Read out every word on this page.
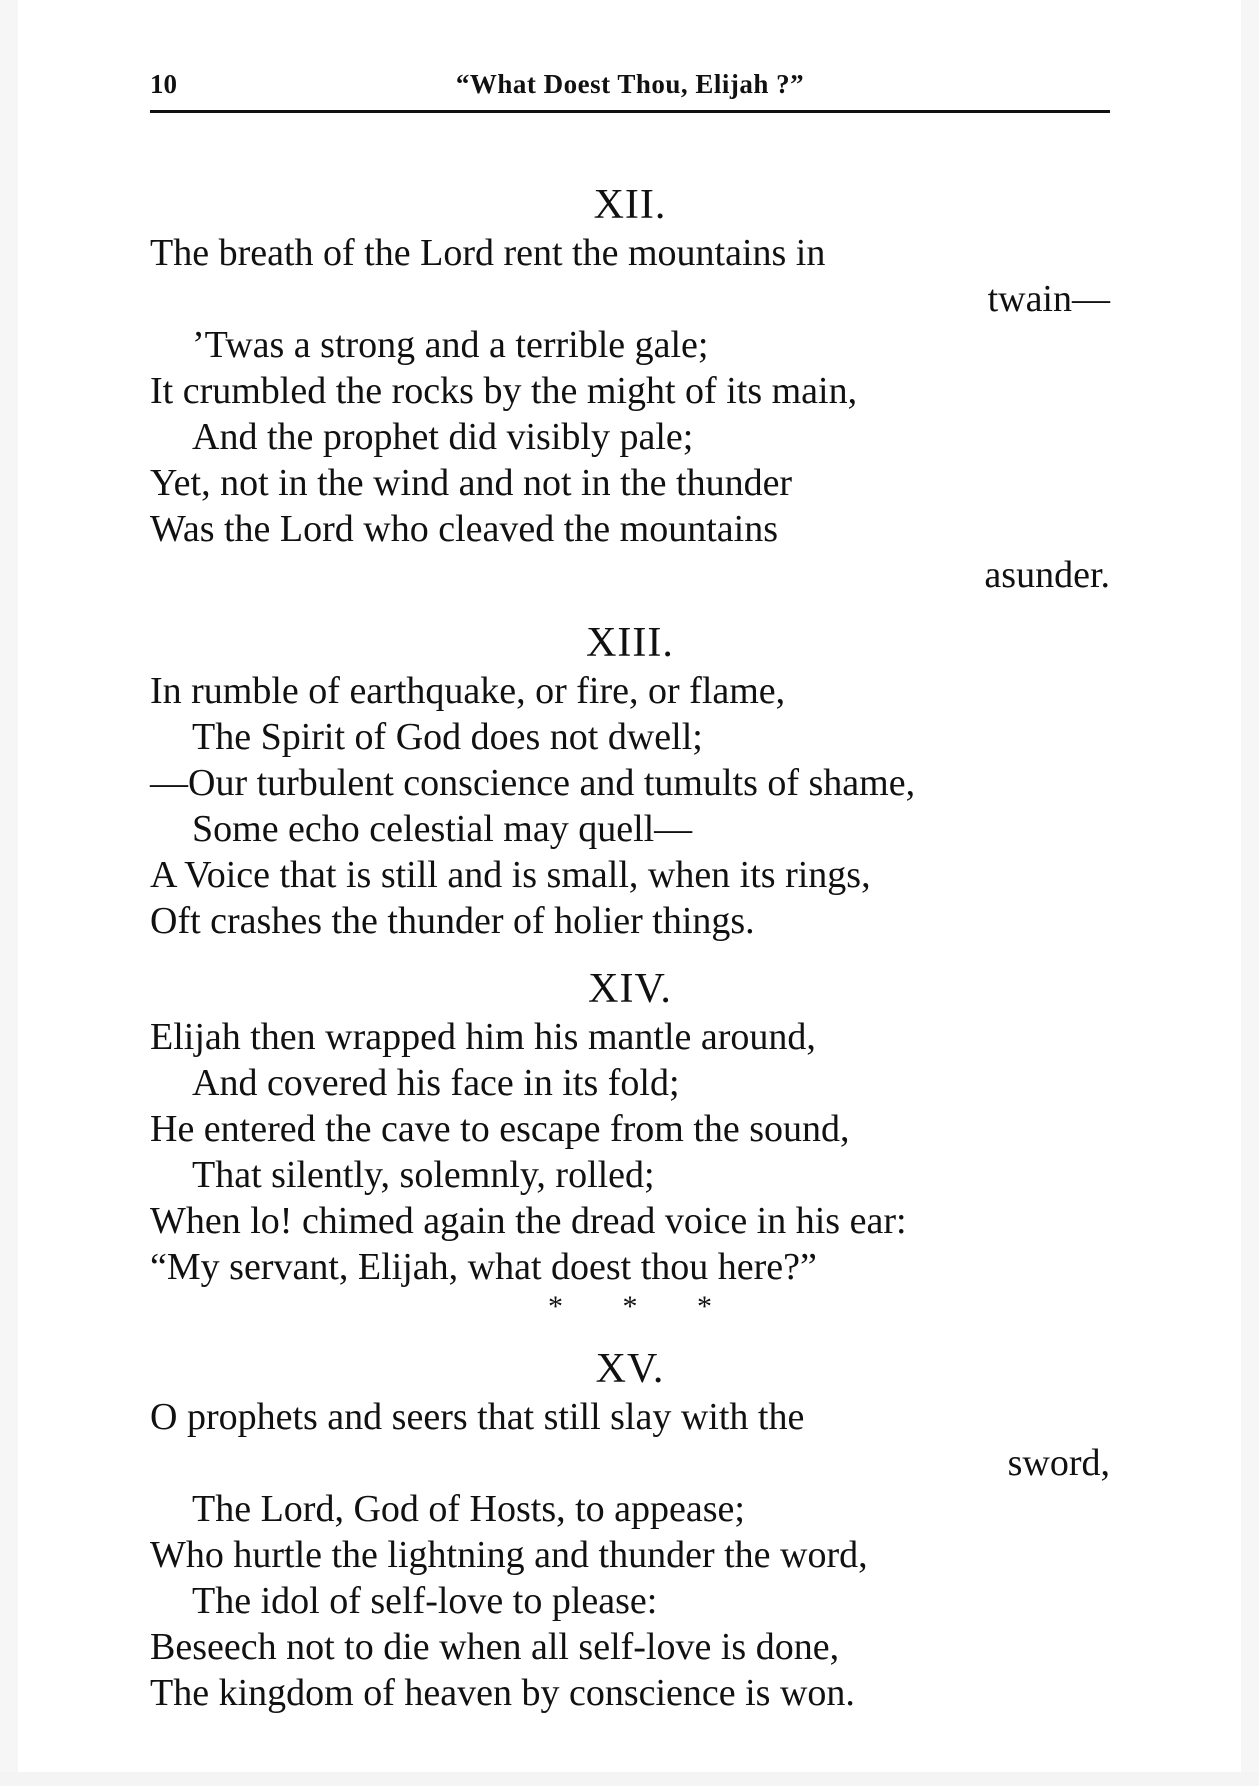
10	“What Doest Thou, Elijah ?”
XII.
The breath of the Lord rent the mountains in
twain—
’Twas a strong and a terrible gale;
It crumbled the rocks by the might of its main,
And the prophet did visibly pale;
Yet, not in the wind and not in the thunder
Was the Lord who cleaved the mountains
asunder.
XIII.
In rumble of earthquake, or fire, or flame,
The Spirit of God does not dwell;
—Our turbulent conscience and tumults of shame,
Some echo celestial may quell—
A Voice that is still and is small, when its rings,
Oft crashes the thunder of holier things.
XIV.
Elijah then wrapped him his mantle around,
And covered his face in its fold;
He entered the cave to escape from the sound,
That silently, solemnly, rolled;
When lo! chimed again the dread voice in his ear:
“My servant, Elijah, what doest thou here?”
* * *
XV.
O prophets and seers that still slay with the
sword,
The Lord, God of Hosts, to appease;
Who hurtle the lightning and thunder the word,
The idol of self-love to please:
Beseech not to die when all self-love is done,
The kingdom of heaven by conscience is won.
